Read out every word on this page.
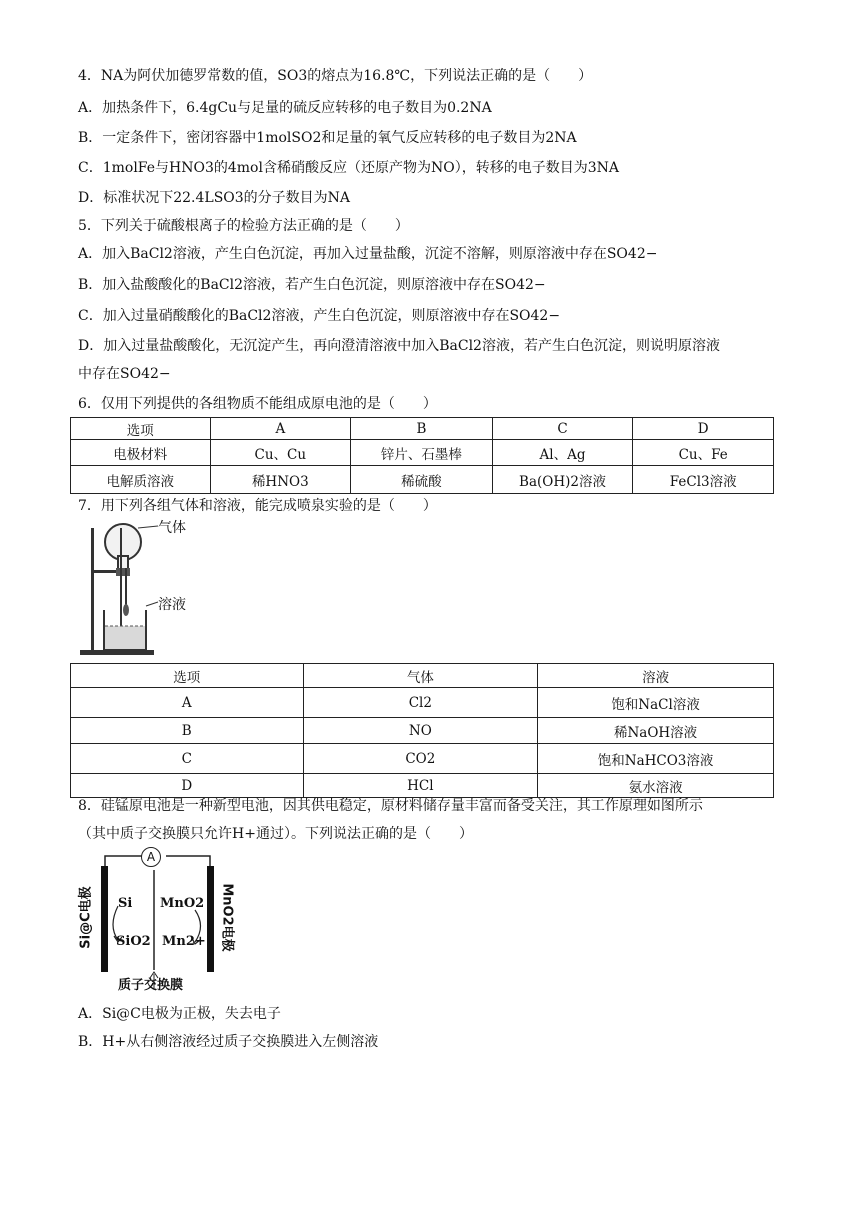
4．NA为阿伏加德罗常数的值，SO3的熔点为16.8℃，下列说法正确的是（　　）
A．加热条件下，6.4gCu与足量的硫反应转移的电子数目为0.2NA
B．一定条件下，密闭容器中1molSO2和足量的氧气反应转移的电子数目为2NA
C．1molFe与HNO3的4mol含稀硝酸反应（还原产物为NO），转移的电子数目为3NA
D．标准状况下22.4LSO3的分子数目为NA
5．下列关于硫酸根离子的检验方法正确的是（　　）
A．加入BaCl2溶液，产生白色沉淀，再加入过量盐酸，沉淀不溶解，则原溶液中存在SO42−
B．加入盐酸酸化的BaCl2溶液，若产生白色沉淀，则原溶液中存在SO42−
C．加入过量硝酸酸化的BaCl2溶液，产生白色沉淀，则原溶液中存在SO42−
D．加入过量盐酸酸化，无沉淀产生，再向澄清溶液中加入BaCl2溶液，若产生白色沉淀，则说明原溶液
中存在SO42−
6．仅用下列提供的各组物质不能组成原电池的是（　　）
选项	A	B	C	D
电极材料	Cu、Cu	锌片、石墨棒	Al、Ag	Cu、Fe
电解质溶液	稀HNO3	稀硫酸	Ba(OH)2溶液	FeCl3溶液
7．用下列各组气体和溶液，能完成喷泉实验的是（　　）
气体
溶液
选项	气体	溶液
A	Cl2	饱和NaCl溶液
B	NO	稀NaOH溶液
C	CO2	饱和NaHCO3溶液
D	HCl	氨水溶液
8．硅锰原电池是一种新型电池，因其供电稳定，原材料储存量丰富而备受关注，其工作原理如图所示
（其中质子交换膜只允许H+通过）。下列说法正确的是（　　）
A
Si@C电极	MnO2电极
Si
SiO2
MnO2
Mn2+
质子交换膜
A．Si@C电极为正极，失去电子
B．H+从右侧溶液经过质子交换膜进入左侧溶液
